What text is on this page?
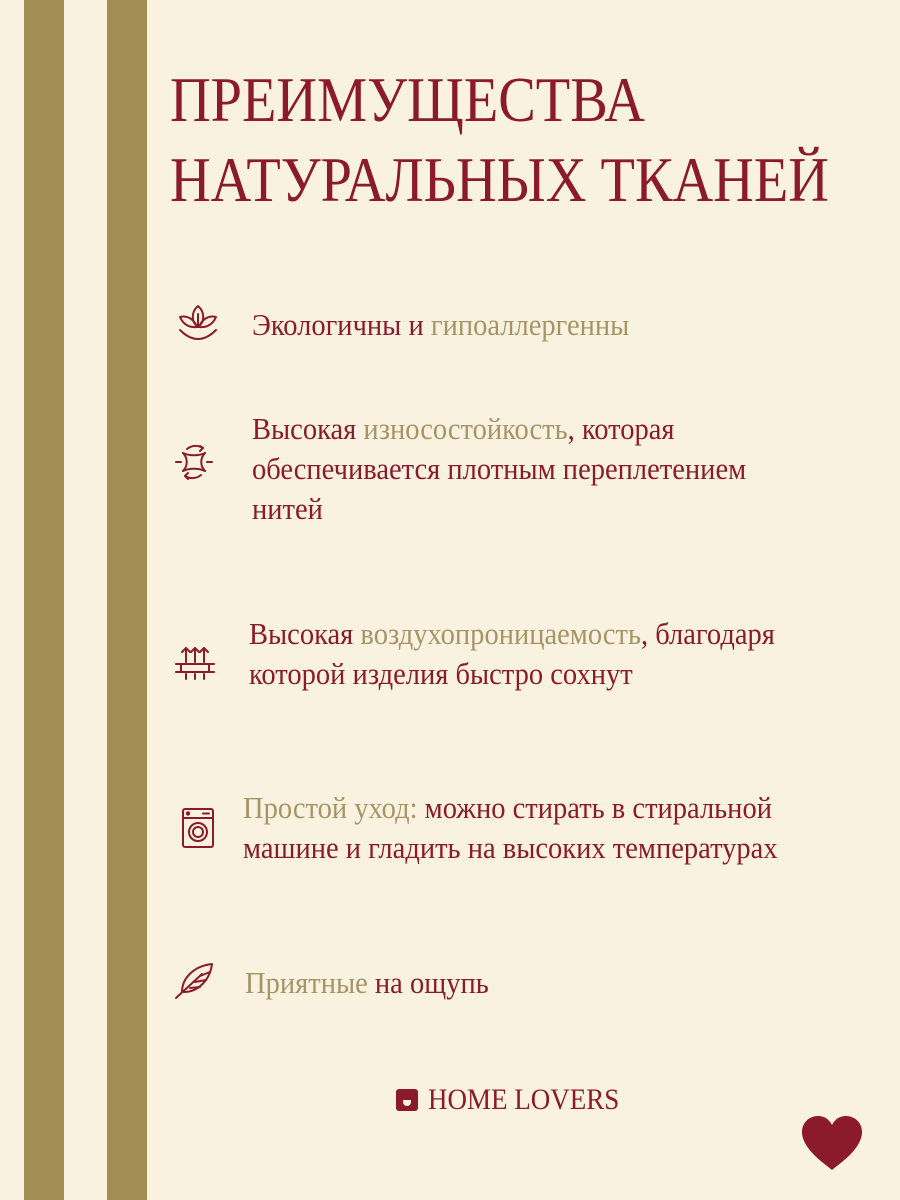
ПРЕИМУЩЕСТВА
НАТУРАЛЬНЫХ ТКАНЕЙ
Экологичны и гипоаллергенны
Высокая износостойкость, которая
обеспечивается плотным переплетением
нитей
Высокая воздухопроницаемость, благодаря
которой изделия быстро сохнут
Простой уход: можно стирать в стиральной
машине и гладить на высоких температурах
Приятные на ощупь
HOME LOVERS
